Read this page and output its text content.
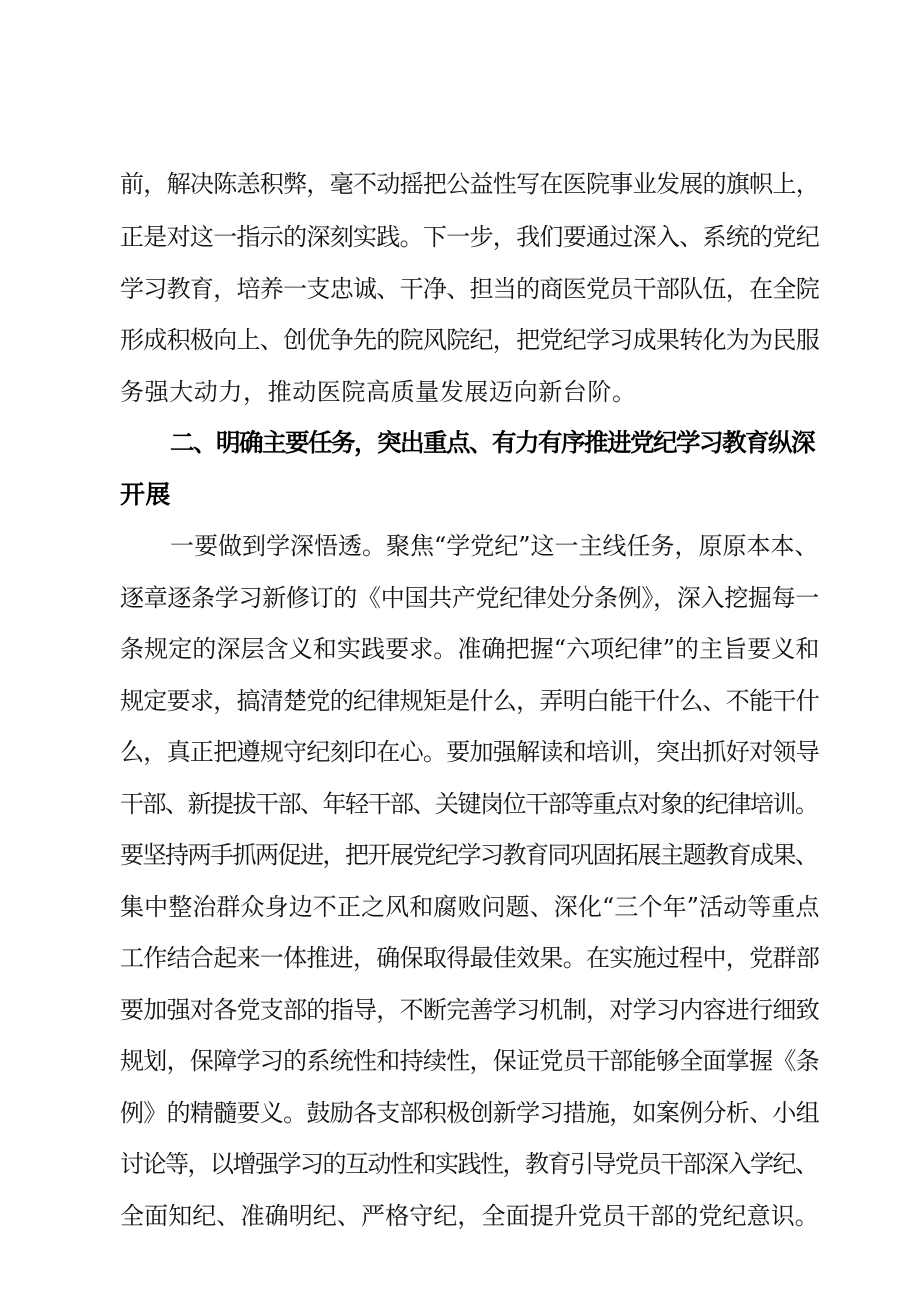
前，解决陈恙积弊，毫不动摇把公益性写在医院事业发展的旗帜上，
正是对这一指示的深刻实践。下一步，我们要通过深入、系统的党纪
学习教育，培养一支忠诚、干净、担当的商医党员干部队伍，在全院
形成积极向上、创优争先的院风院纪，把党纪学习成果转化为为民服
务强大动力，推动医院高质量发展迈向新台阶。
二、明确主要任务，突出重点、有力有序推进党纪学习教育纵深
开展
一要做到学深悟透。聚焦“学党纪”这一主线任务，原原本本、
逐章逐条学习新修订的《中国共产党纪律处分条例》，深入挖掘每一
条规定的深层含义和实践要求。准确把握“六项纪律”的主旨要义和
规定要求，搞清楚党的纪律规矩是什么，弄明白能干什么、不能干什
么，真正把遵规守纪刻印在心。要加强解读和培训，突出抓好对领导
干部、新提拔干部、年轻干部、关键岗位干部等重点对象的纪律培训。
要坚持两手抓两促进，把开展党纪学习教育同巩固拓展主题教育成果、
集中整治群众身边不正之风和腐败问题、深化“三个年”活动等重点
工作结合起来一体推进，确保取得最佳效果。在实施过程中，党群部
要加强对各党支部的指导，不断完善学习机制，对学习内容进行细致
规划，保障学习的系统性和持续性，保证党员干部能够全面掌握《条
例》的精髓要义。鼓励各支部积极创新学习措施，如案例分析、小组
讨论等，以增强学习的互动性和实践性，教育引导党员干部深入学纪、
全面知纪、准确明纪、严格守纪，全面提升党员干部的党纪意识。
